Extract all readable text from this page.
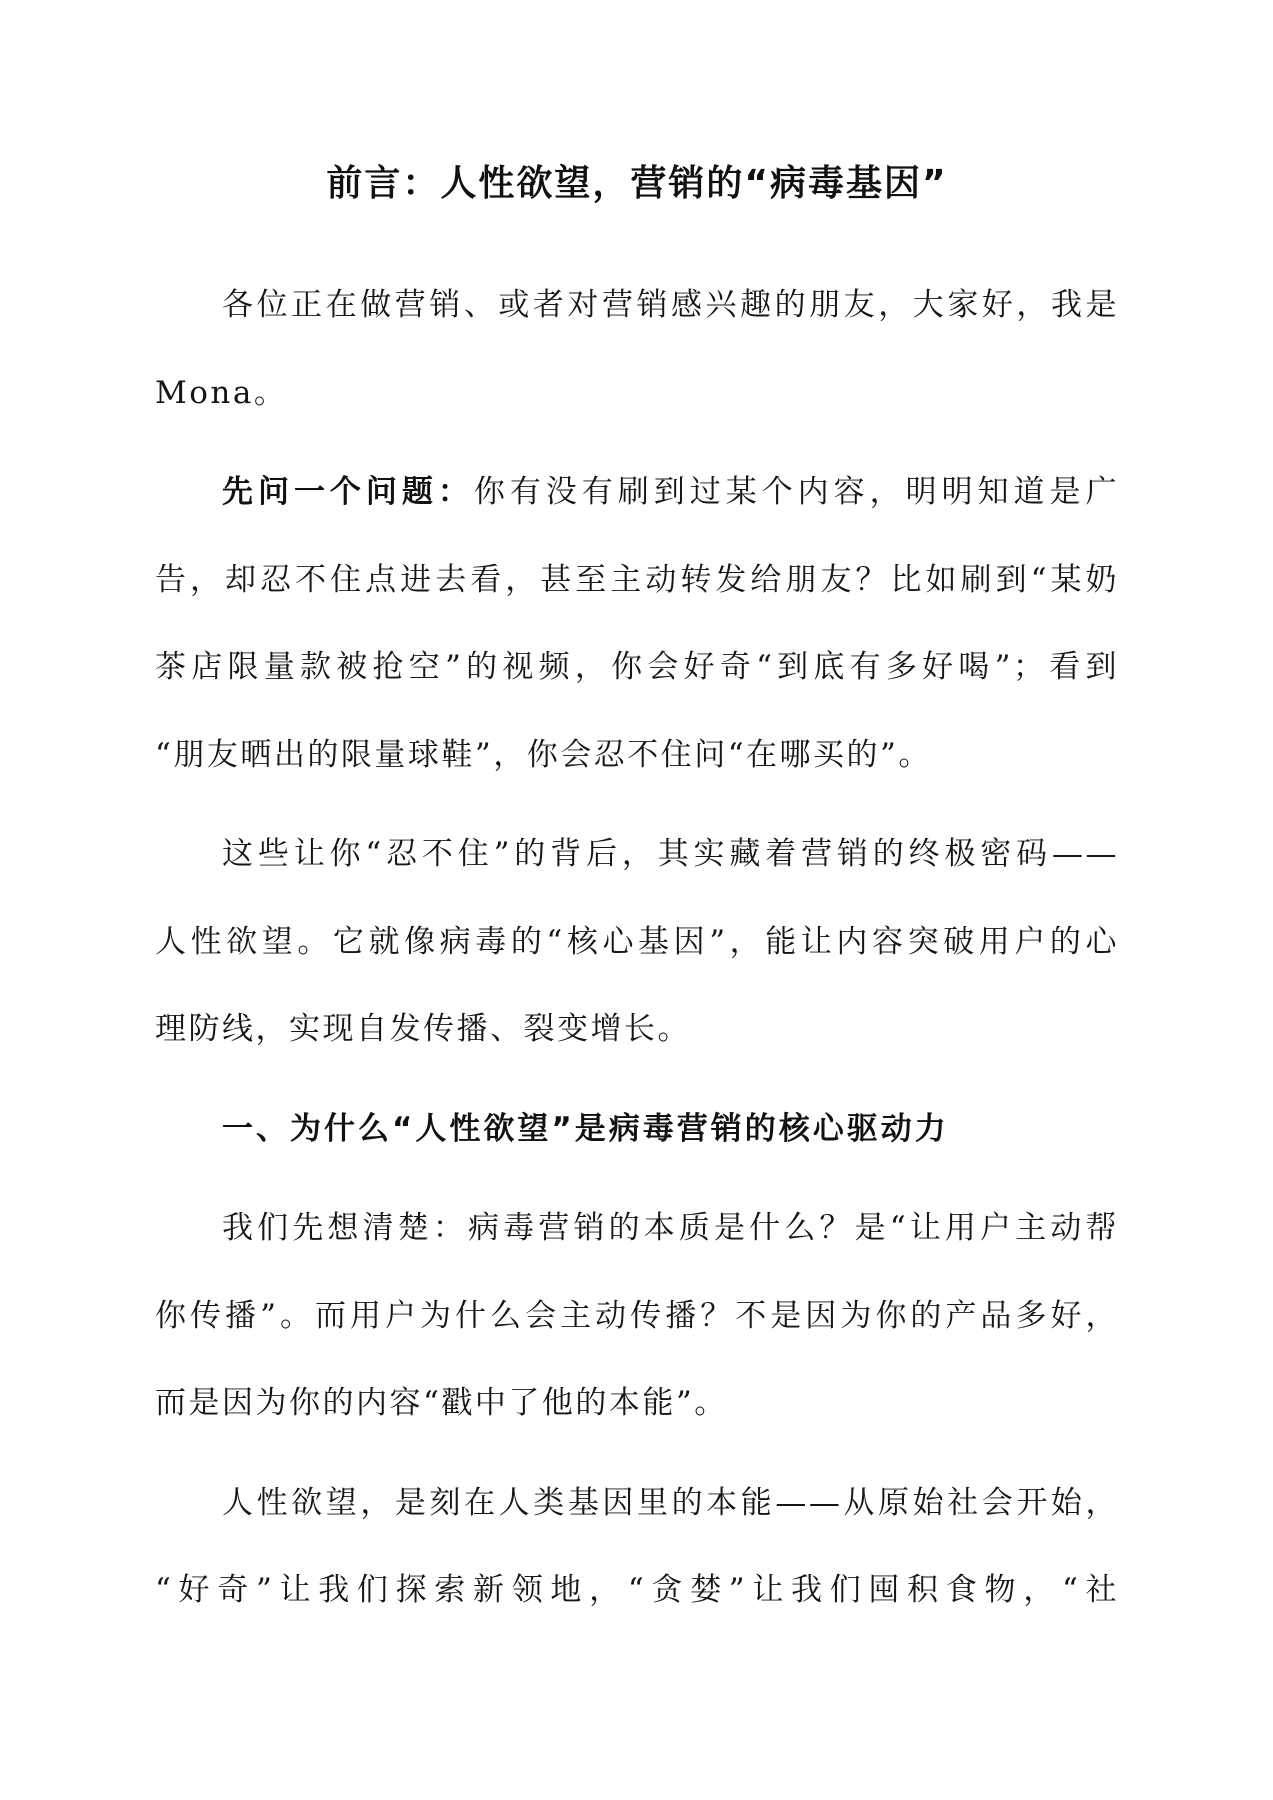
前言：人性欲望，营销的“病毒基因”
各位正在做营销、或者对营销感兴趣的朋友，大家好，我是
Mona。
先问一个问题：你有没有刷到过某个内容，明明知道是广
告，却忍不住点进去看，甚至主动转发给朋友？比如刷到“某奶
茶店限量款被抢空”的视频，你会好奇“到底有多好喝”；看到
“朋友晒出的限量球鞋”，你会忍不住问“在哪买的”。
这些让你“忍不住”的背后，其实藏着营销的终极密码——
人性欲望。它就像病毒的“核心基因”，能让内容突破用户的心
理防线，实现自发传播、裂变增长。
一、为什么“人性欲望”是病毒营销的核心驱动力
我们先想清楚：病毒营销的本质是什么？是“让用户主动帮
你传播”。而用户为什么会主动传播？不是因为你的产品多好，
而是因为你的内容“戳中了他的本能”。
人性欲望，是刻在人类基因里的本能——从原始社会开始，
“好奇”让我们探索新领地，“贪婪”让我们囤积食物，“社
